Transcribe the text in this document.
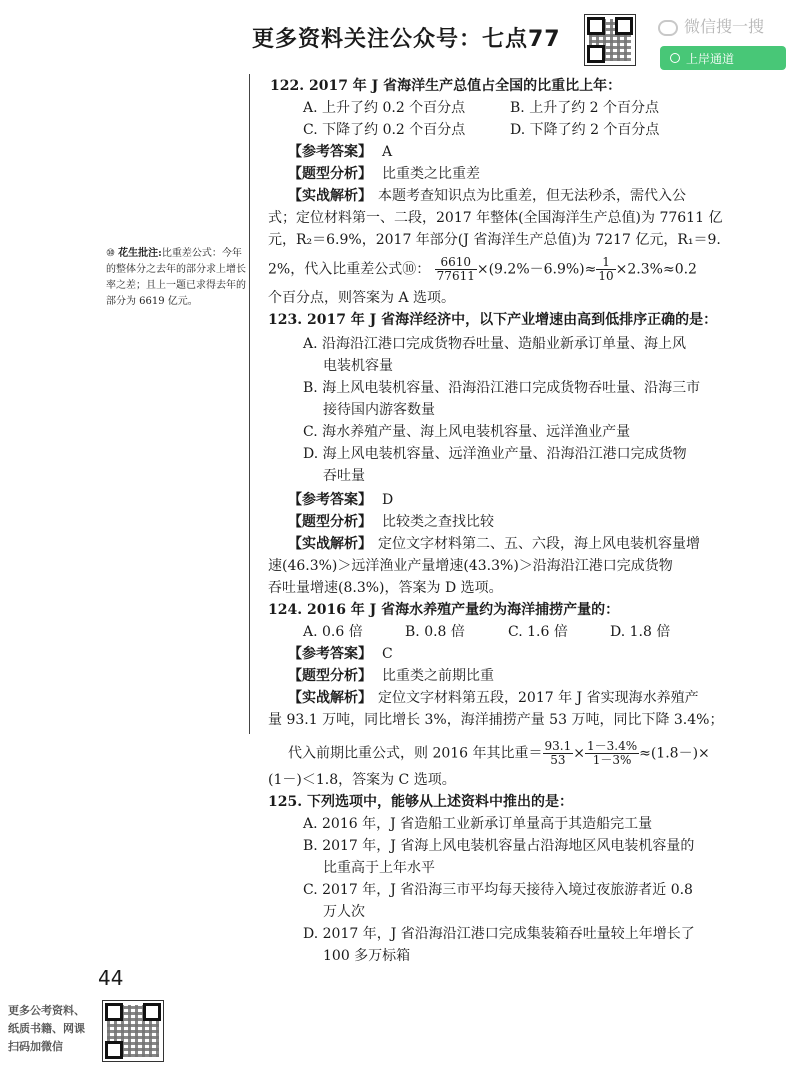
更多资料关注公众号：七点77
微信搜一搜
上岸通道
⑩ 花生批注:比重差公式：今年的整体分之去年的部分求上增长率之差；且上一题已求得去年的部分为 6619 亿元。
122. 2017 年 J 省海洋生产总值占全国的比重比上年：
A. 上升了约 0.2 个百分点	B. 上升了约 2 个百分点
C. 下降了约 0.2 个百分点	D. 下降了约 2 个百分点
【参考答案】 A
【题型分析】 比重类之比重差
【实战解析】 本题考查知识点为比重差，但无法秒杀，需代入公
式；定位材料第一、二段，2017 年整体(全国海洋生产总值)为 77611 亿
元，R₂＝6.9%，2017 年部分(J 省海洋生产总值)为 7217 亿元，R₁＝9.
2%，代入比重差公式⑩： $\frac{6610}{77611} \times(9.2\%-6.9\%)\approx \frac{1}{10} \times 2.3\%\approx 0.2$
个百分点，则答案为 A 选项。
123. 2017 年 J 省海洋经济中，以下产业增速由高到低排序正确的是：
A. 沿海沿江港口完成货物吞吐量、造船业新承订单量、海上风
电装机容量
B. 海上风电装机容量、沿海沿江港口完成货物吞吐量、沿海三市
接待国内游客数量
C. 海水养殖产量、海上风电装机容量、远洋渔业产量
D. 海上风电装机容量、远洋渔业产量、沿海沿江港口完成货物
吞吐量
【参考答案】 D
【题型分析】 比较类之查找比较
【实战解析】 定位文字材料第二、五、六段，海上风电装机容量增
速(46.3%)＞远洋渔业产量增速(43.3%)＞沿海沿江港口完成货物
吞吐量增速(8.3%)，答案为 D 选项。
124. 2016 年 J 省海水养殖产量约为海洋捕捞产量的：
A. 0.6 倍	B. 0.8 倍	C. 1.6 倍	D. 1.8 倍
【参考答案】 C
【题型分析】 比重类之前期比重
【实战解析】 定位文字材料第五段，2017 年 J 省实现海水养殖产
量 93.1 万吨，同比增长 3%，海洋捕捞产量 53 万吨，同比下降 3.4%；
代入前期比重公式，则 2016 年其比重＝ $\frac{93.1}{53} \times \frac{1-3.4\%}{1-3\%} \approx(1.8-)\times$
(1－)＜1.8，答案为 C 选项。
125. 下列选项中，能够从上述资料中推出的是：
A. 2016 年，J 省造船工业新承订单量高于其造船完工量
B. 2017 年，J 省海上风电装机容量占沿海地区风电装机容量的
比重高于上年水平
C. 2017 年，J 省沿海三市平均每天接待入境过夜旅游者近 0.8
万人次
D. 2017 年，J 省沿海沿江港口完成集装箱吞吐量较上年增长了
100 多万标箱
44
更多公考资料、
纸质书籍、网课
扫码加微信
